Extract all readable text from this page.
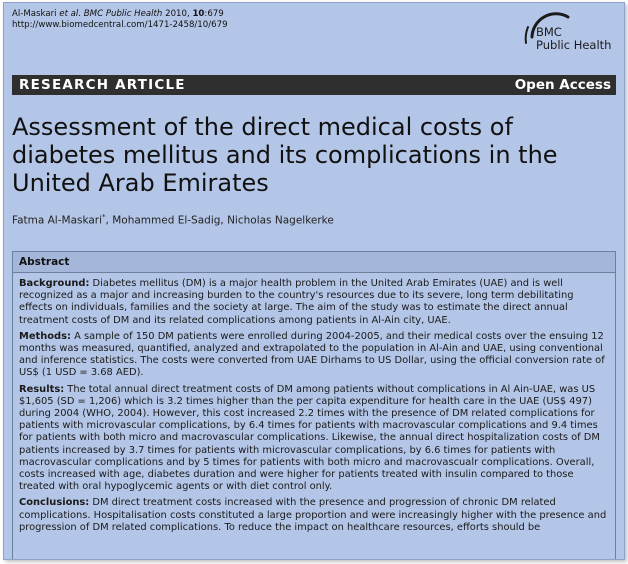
Al-Maskari et al. BMC Public Health 2010, 10:679
http://www.biomedcentral.com/1471-2458/10/679	BMC
Public Health
RESEARCH ARTICLE	Open Access
Assessment of the direct medical costs of diabetes mellitus and its complications in the United Arab Emirates
Fatma Al-Maskari*, Mohammed El-Sadig, Nicholas Nagelkerke
Abstract

Background: Diabetes mellitus (DM) is a major health problem in the United Arab Emirates (UAE) and is well recognized as a major and increasing burden to the country's resources due to its severe, long term debilitating effects on individuals, families and the society at large. The aim of the study was to estimate the direct annual treatment costs of DM and its related complications among patients in Al-Ain city, UAE.

Methods: A sample of 150 DM patients were enrolled during 2004-2005, and their medical costs over the ensuing 12 months was measured, quantified, analyzed and extrapolated to the population in Al-Ain and UAE, using conventional and inference statistics. The costs were converted from UAE Dirhams to US Dollar, using the official conversion rate of US$ (1 USD = 3.68 AED).

Results: The total annual direct treatment costs of DM among patients without complications in Al Ain-UAE, was US $1,605 (SD = 1,206) which is 3.2 times higher than the per capita expenditure for health care in the UAE (US$ 497) during 2004 (WHO, 2004). However, this cost increased 2.2 times with the presence of DM related complications for patients with microvascular complications, by 6.4 times for patients with macrovascular complications and 9.4 times for patients with both micro and macrovascular complications. Likewise, the annual direct hospitalization costs of DM patients increased by 3.7 times for patients with microvascular complications, by 6.6 times for patients with macrovascular complications and by 5 times for patients with both micro and macrovascualr complications. Overall, costs increased with age, diabetes duration and were higher for patients treated with insulin compared to those treated with oral hypoglycemic agents or with diet control only.

Conclusions: DM direct treatment costs increased with the presence and progression of chronic DM related complications. Hospitalisation costs constituted a large proportion and were increasingly higher with the presence and progression of DM related complications. To reduce the impact on healthcare resources, efforts should be
